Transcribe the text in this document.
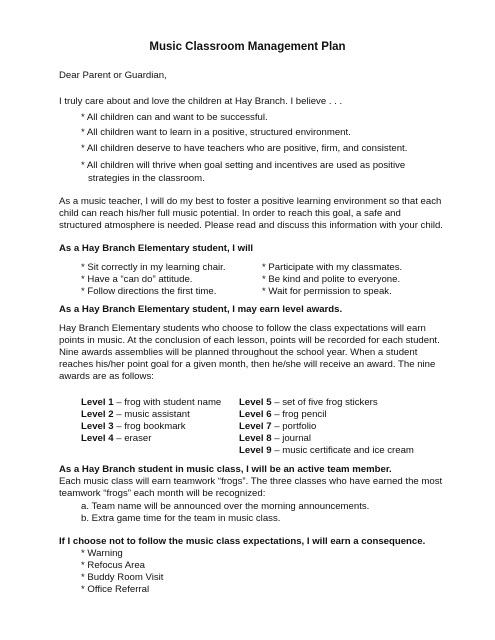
Music Classroom Management Plan
Dear Parent or Guardian,
I truly care about and love the children at Hay Branch. I believe . . .
* All children can and want to be successful.
* All children want to learn in a positive, structured environment.
* All children deserve to have teachers who are positive, firm, and consistent.
* All children will thrive when goal setting and incentives are used as positive
strategies in the classroom.
As a music teacher, I will do my best to foster a positive learning environment so that each
child can reach his/her full music potential. In order to reach this goal, a safe and
structured atmosphere is needed. Please read and discuss this information with your child.
As a Hay Branch Elementary student, I will
* Sit correctly in my learning chair.
* Have a “can do” attitude.
* Follow directions the first time.
* Participate with my classmates.
* Be kind and polite to everyone.
* Wait for permission to speak.
As a Hay Branch Elementary student, I may earn level awards.
Hay Branch Elementary students who choose to follow the class expectations will earn
points in music. At the conclusion of each lesson, points will be recorded for each student.
Nine awards assemblies will be planned throughout the school year. When a student
reaches his/her point goal for a given month, then he/she will receive an award. The nine
awards are as follows:
Level 1 – frog with student name
Level 2 – music assistant
Level 3 – frog bookmark
Level 4 – eraser
Level 5 – set of five frog stickers
Level 6 – frog pencil
Level 7 – portfolio
Level 8 – journal
Level 9 – music certificate and ice cream
As a Hay Branch student in music class, I will be an active team member.
Each music class will earn teamwork “frogs”. The three classes who have earned the most
teamwork “frogs” each month will be recognized:
a. Team name will be announced over the morning announcements.
b. Extra game time for the team in music class.
If I choose not to follow the music class expectations, I will earn a consequence.
* Warning
* Refocus Area
* Buddy Room Visit
* Office Referral
